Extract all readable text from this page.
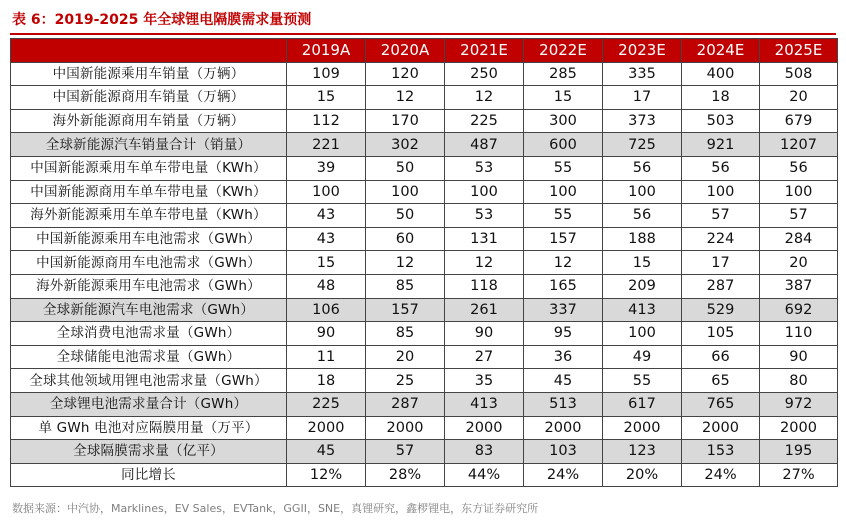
表 6：2019-2025 年全球锂电隔膜需求量预测
	2019A	2020A	2021E	2022E	2023E	2024E	2025E
中国新能源乘用车销量（万辆）	109	120	250	285	335	400	508
中国新能源商用车销量（万辆）	15	12	12	15	17	18	20
海外新能源商用车销量（万辆）	112	170	225	300	373	503	679
全球新能源汽车销量合计（销量）	221	302	487	600	725	921	1207
中国新能源乘用车单车带电量（KWh）	39	50	53	55	56	56	56
中国新能源商用车单车带电量（KWh）	100	100	100	100	100	100	100
海外新能源乘用车单车带电量（KWh）	43	50	53	55	56	57	57
中国新能源乘用车电池需求（GWh）	43	60	131	157	188	224	284
中国新能源商用车电池需求（GWh）	15	12	12	12	15	17	20
海外新能源乘用车电池需求（GWh）	48	85	118	165	209	287	387
全球新能源汽车电池需求（GWh）	106	157	261	337	413	529	692
全球消费电池需求量（GWh）	90	85	90	95	100	105	110
全球储能电池需求量（GWh）	11	20	27	36	49	66	90
全球其他领域用锂电池需求量（GWh）	18	25	35	45	55	65	80
全球锂电池需求量合计（GWh）	225	287	413	513	617	765	972
单 GWh 电池对应隔膜用量（万平）	2000	2000	2000	2000	2000	2000	2000
全球隔膜需求量（亿平）	45	57	83	103	123	153	195
同比增长	12%	28%	44%	24%	20%	24%	27%
数据来源：中汽协，Marklines，EV Sales，EVTank，GGII，SNE，真锂研究，鑫椤锂电，东方证券研究所
